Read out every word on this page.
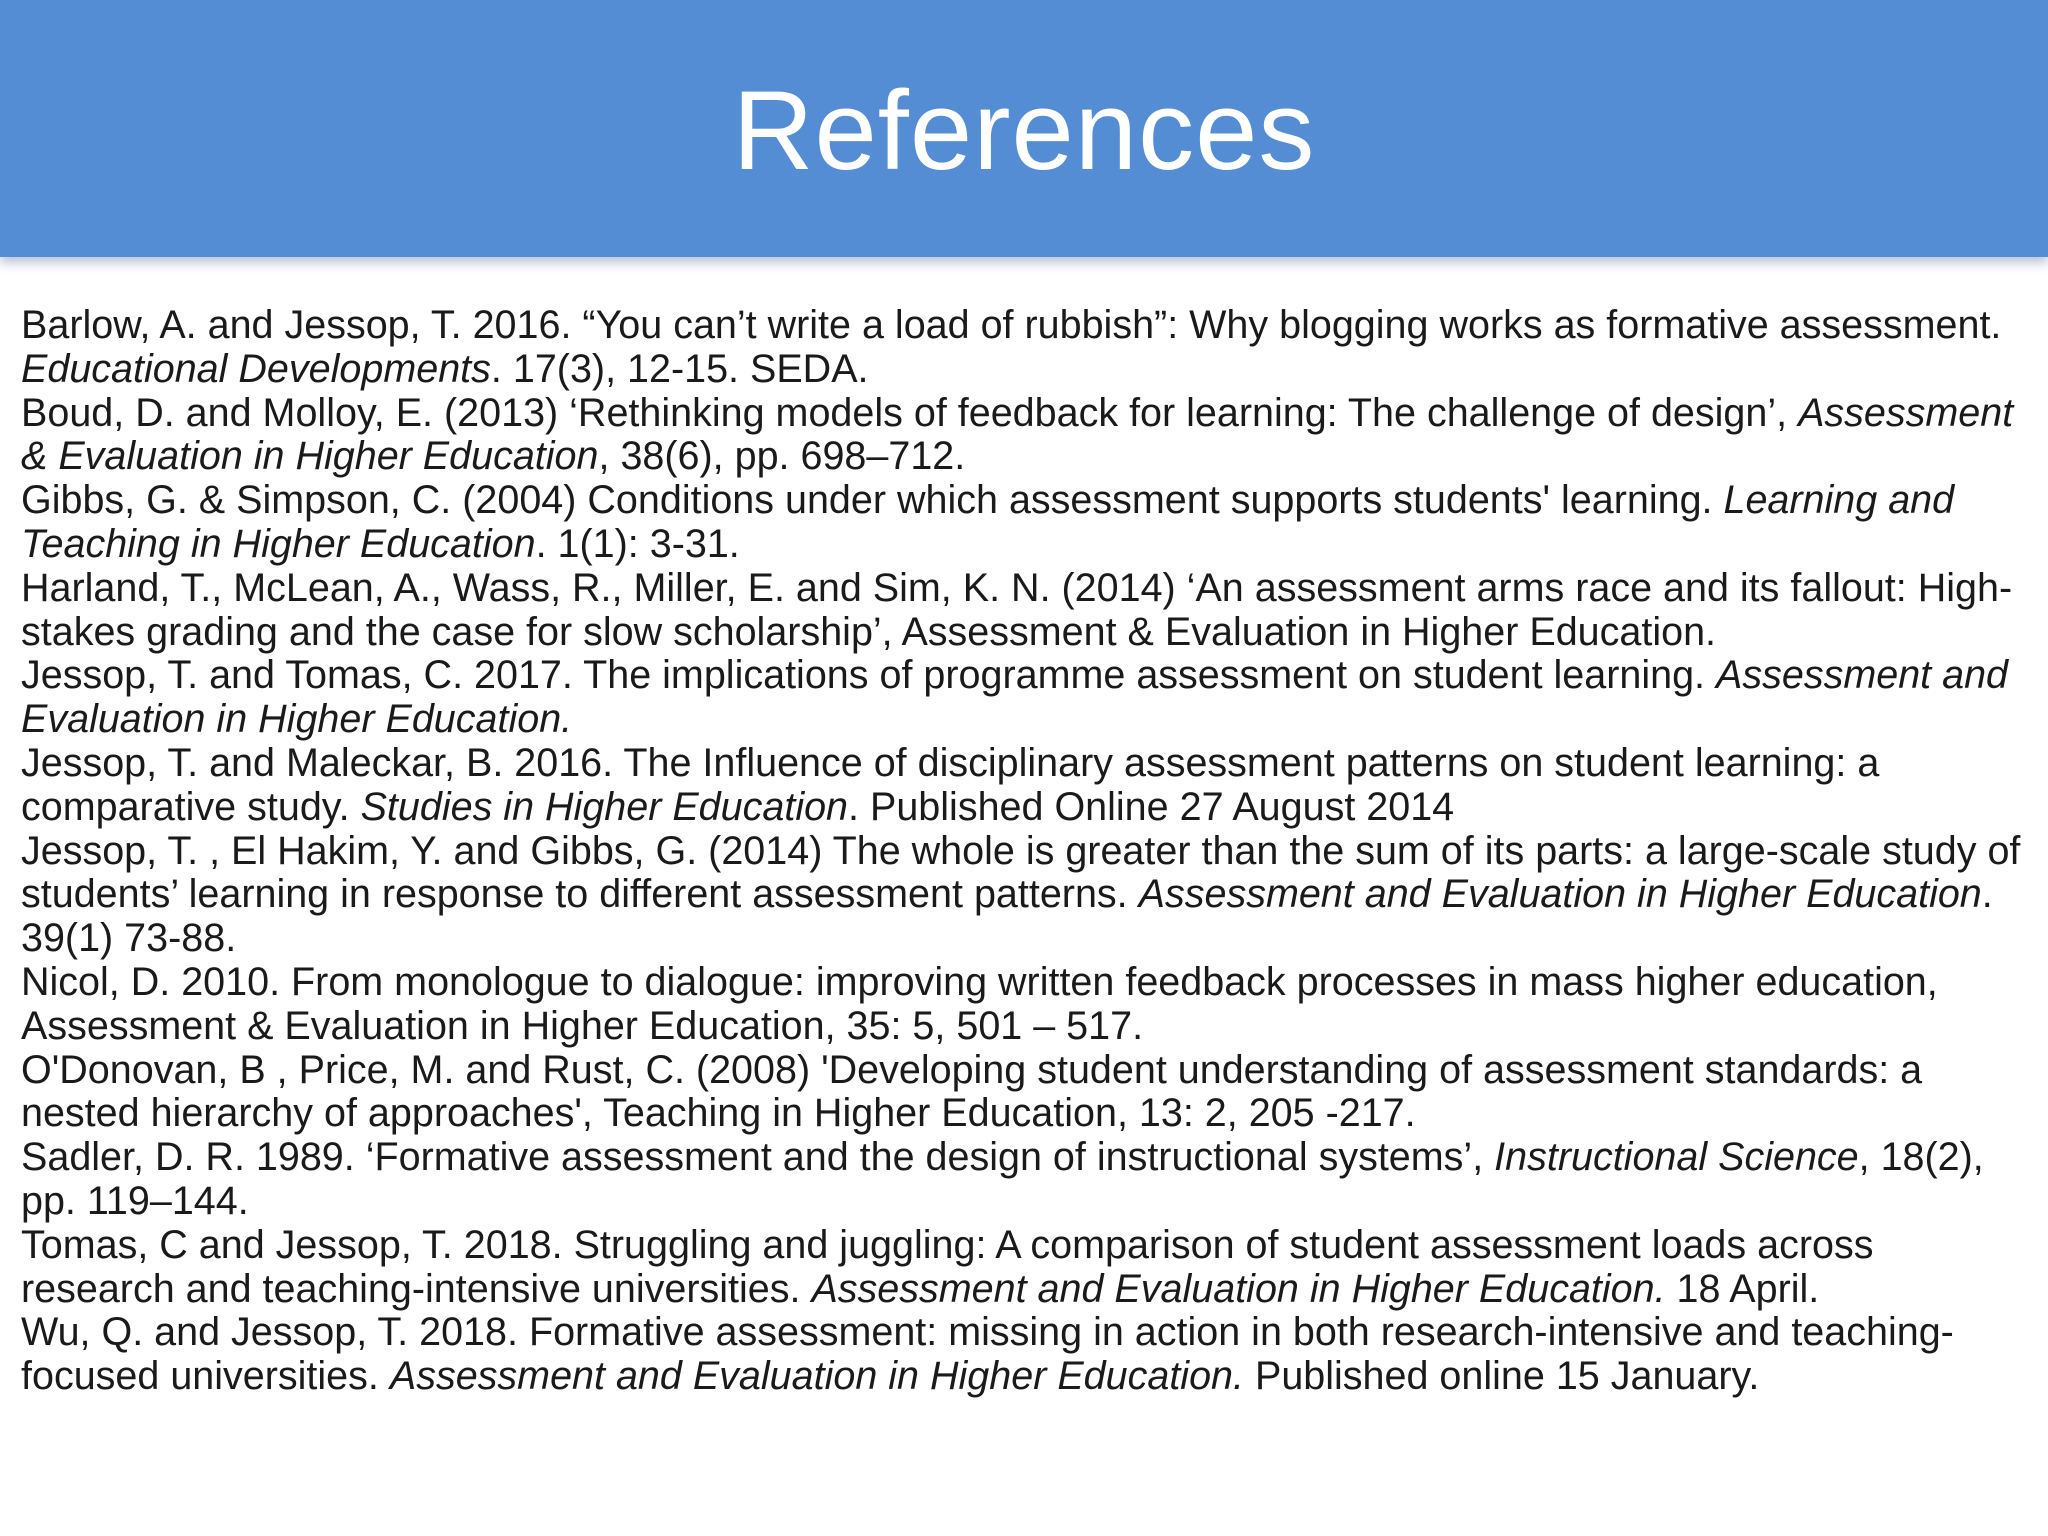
References
Barlow, A. and Jessop, T. 2016. “You can’t write a load of rubbish”: Why blogging works as formative assessment. Educational Developments. 17(3), 12-15. SEDA.
Boud, D. and Molloy, E. (2013) ‘Rethinking models of feedback for learning: The challenge of design’, Assessment & Evaluation in Higher Education, 38(6), pp. 698–712.
Gibbs, G. & Simpson, C. (2004) Conditions under which assessment supports students' learning. Learning and Teaching in Higher Education. 1(1): 3-31.
Harland, T., McLean, A., Wass, R., Miller, E. and Sim, K. N. (2014) ‘An assessment arms race and its fallout: High-stakes grading and the case for slow scholarship’, Assessment & Evaluation in Higher Education.
Jessop, T. and Tomas, C. 2017. The implications of programme assessment on student learning. Assessment and Evaluation in Higher Education.
Jessop, T. and Maleckar, B. 2016. The Influence of disciplinary assessment patterns on student learning: a comparative study. Studies in Higher Education. Published Online 27 August 2014
Jessop, T. , El Hakim, Y. and Gibbs, G. (2014) The whole is greater than the sum of its parts: a large-scale study of students’ learning in response to different assessment patterns. Assessment and Evaluation in Higher Education. 39(1) 73-88.
Nicol, D. 2010. From monologue to dialogue: improving written feedback processes in mass higher education, Assessment & Evaluation in Higher Education, 35: 5, 501 – 517.
O'Donovan, B , Price, M. and Rust, C. (2008) 'Developing student understanding of assessment standards: a nested hierarchy of approaches', Teaching in Higher Education, 13: 2, 205 -217.
Sadler, D. R. 1989. ‘Formative assessment and the design of instructional systems’, Instructional Science, 18(2), pp. 119–144.
Tomas, C and Jessop, T. 2018. Struggling and juggling: A comparison of student assessment loads across research and teaching-intensive universities. Assessment and Evaluation in Higher Education. 18 April.
Wu, Q. and Jessop, T. 2018. Formative assessment: missing in action in both research-intensive and teaching-focused universities. Assessment and Evaluation in Higher Education. Published online 15 January.
